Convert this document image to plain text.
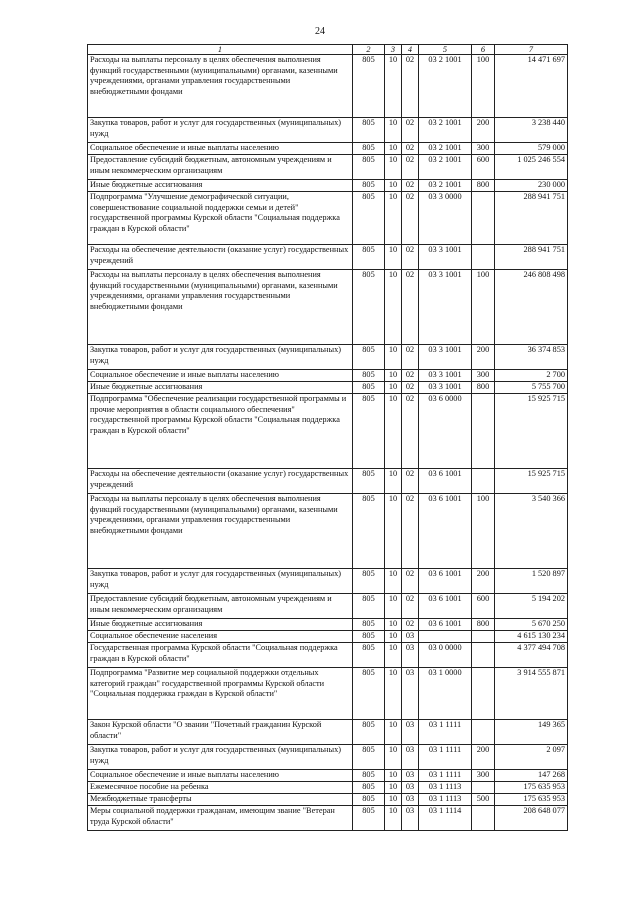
24
1	2	3	4	5	6	7
Расходы на выплаты персоналу в целях обеспечения выполнения функций государственными (муниципальными) органами, казенными учреждениями, органами управления государственными внебюджетными фондами	805	10	02	03 2 1001	100	14 471 697
Закупка товаров, работ и услуг для государственных (муниципальных) нужд	805	10	02	03 2 1001	200	3 238 440
Социальное обеспечение и иные выплаты населению	805	10	02	03 2 1001	300	579 000
Предоставление субсидий бюджетным, автономным учреждениям и иным некоммерческим организациям	805	10	02	03 2 1001	600	1 025 246 554
Иные бюджетные ассигнования	805	10	02	03 2 1001	800	230 000
Подпрограмма "Улучшение демографической ситуации, совершенствование социальной поддержки семьи и детей" государственной программы Курской области "Социальная поддержка граждан в Курской области"	805	10	02	03 3 0000		288 941 751
Расходы на обеспечение деятельности (оказание услуг) государственных учреждений	805	10	02	03 3 1001		288 941 751
Расходы на выплаты персоналу в целях обеспечения выполнения функций государственными (муниципальными) органами, казенными учреждениями, органами управления государственными внебюджетными фондами	805	10	02	03 3 1001	100	246 808 498
Закупка товаров, работ и услуг для государственных (муниципальных) нужд	805	10	02	03 3 1001	200	36 374 853
Социальное обеспечение и иные выплаты населению	805	10	02	03 3 1001	300	2 700
Иные бюджетные ассигнования	805	10	02	03 3 1001	800	5 755 700
Подпрограмма "Обеспечение реализации государственной программы и прочие мероприятия в области социального обеспечения" государственной программы Курской области "Социальная поддержка граждан в Курской области"	805	10	02	03 6 0000		15 925 715
Расходы на обеспечение деятельности (оказание услуг) государственных учреждений	805	10	02	03 6 1001		15 925 715
Расходы на выплаты персоналу в целях обеспечения выполнения функций государственными (муниципальными) органами, казенными учреждениями, органами управления государственными внебюджетными фондами	805	10	02	03 6 1001	100	3 540 366
Закупка товаров, работ и услуг для государственных (муниципальных) нужд	805	10	02	03 6 1001	200	1 520 897
Предоставление субсидий бюджетным, автономным учреждениям и иным некоммерческим организациям	805	10	02	03 6 1001	600	5 194 202
Иные бюджетные ассигнования	805	10	02	03 6 1001	800	5 670 250
Социальное обеспечение населения	805	10	03			4 615 130 234
Государственная программа Курской области "Социальная поддержка граждан в Курской области"	805	10	03	03 0 0000		4 377 494 708
Подпрограмма "Развитие мер социальной поддержки отдельных категорий граждан" государственной программы Курской области "Социальная поддержка граждан в Курской области"	805	10	03	03 1 0000		3 914 555 871
Закон Курской области "О звании "Почетный гражданин Курской области"	805	10	03	03 1 1111		149 365
Закупка товаров, работ и услуг для государственных (муниципальных) нужд	805	10	03	03 1 1111	200	2 097
Социальное обеспечение и иные выплаты населению	805	10	03	03 1 1111	300	147 268
Ежемесячное пособие на ребенка	805	10	03	03 1 1113		175 635 953
Межбюджетные трансферты	805	10	03	03 1 1113	500	175 635 953
Меры социальной поддержки гражданам, имеющим звание "Ветеран труда Курской области"	805	10	03	03 1 1114		208 648 077
